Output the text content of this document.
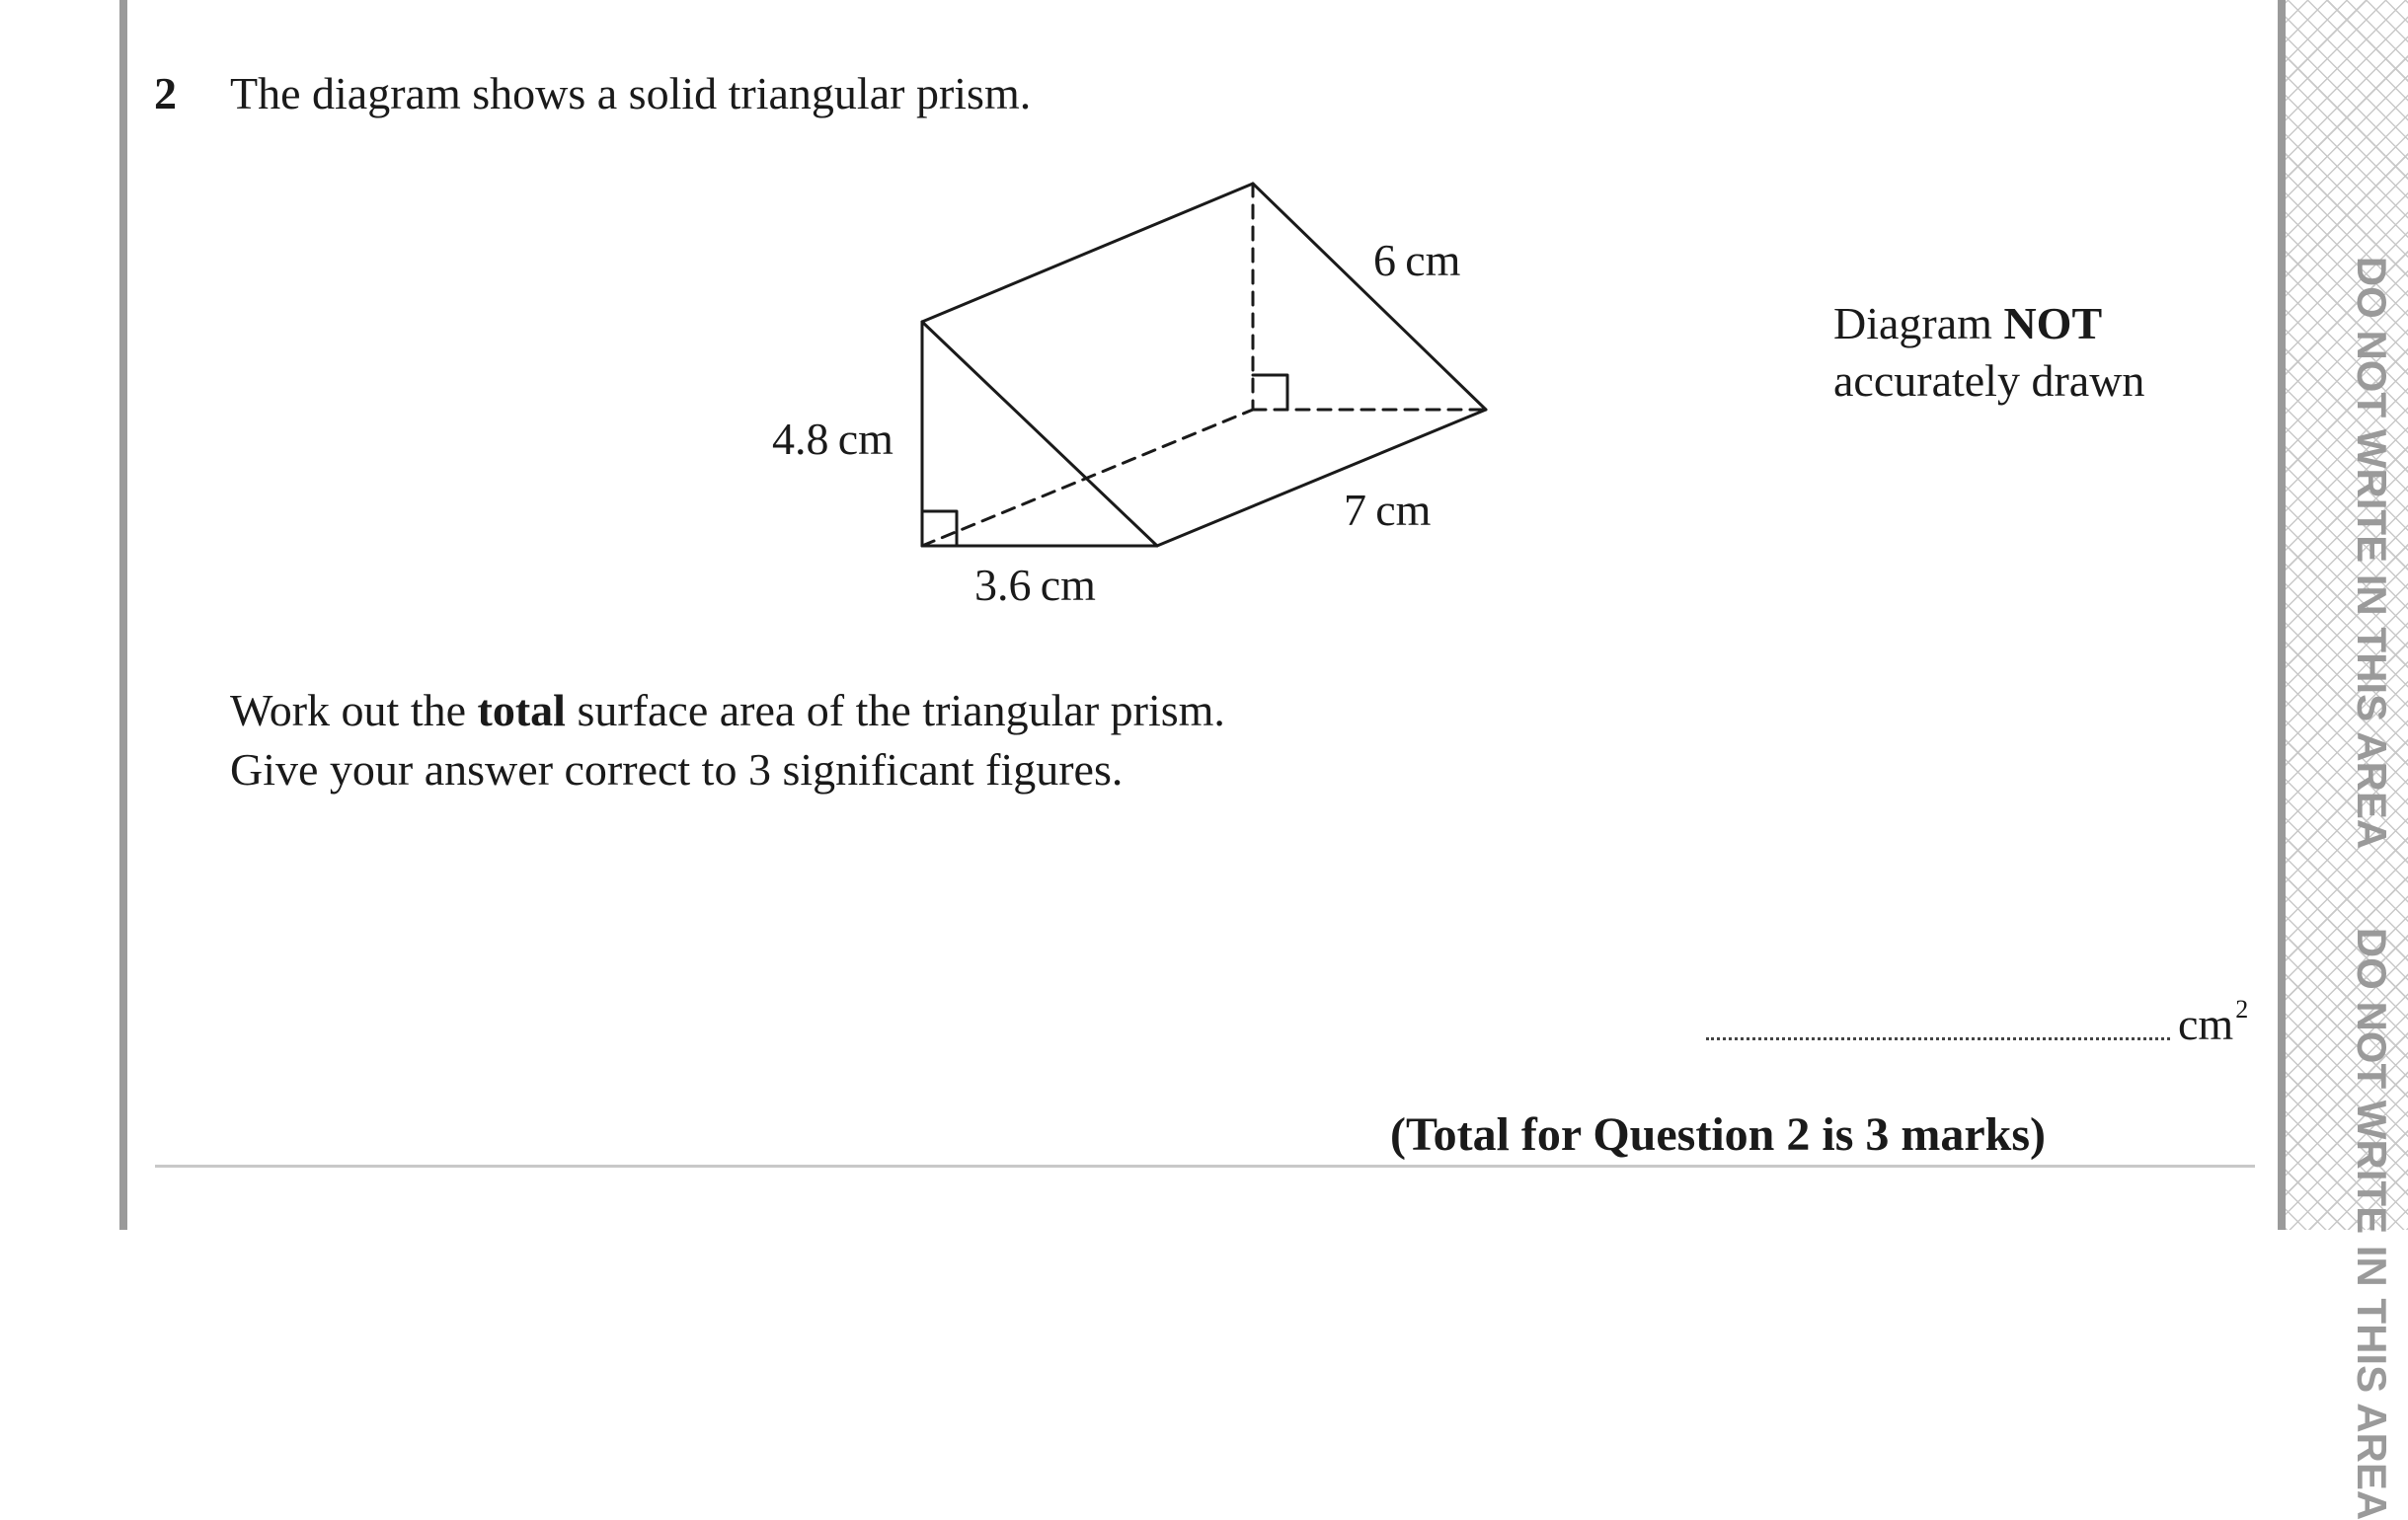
DO NOT WRITE IN THIS AREA
DO NOT WRITE IN THIS AREA
2 The diagram shows a solid triangular prism.
4.8 cm
3.6 cm
6 cm
7 cm
Diagram NOT
accurately drawn
Work out the total surface area of the triangular prism.
Give your answer correct to 3 significant figures.
$cm^2$
(Total for Question 2 is 3 marks)
